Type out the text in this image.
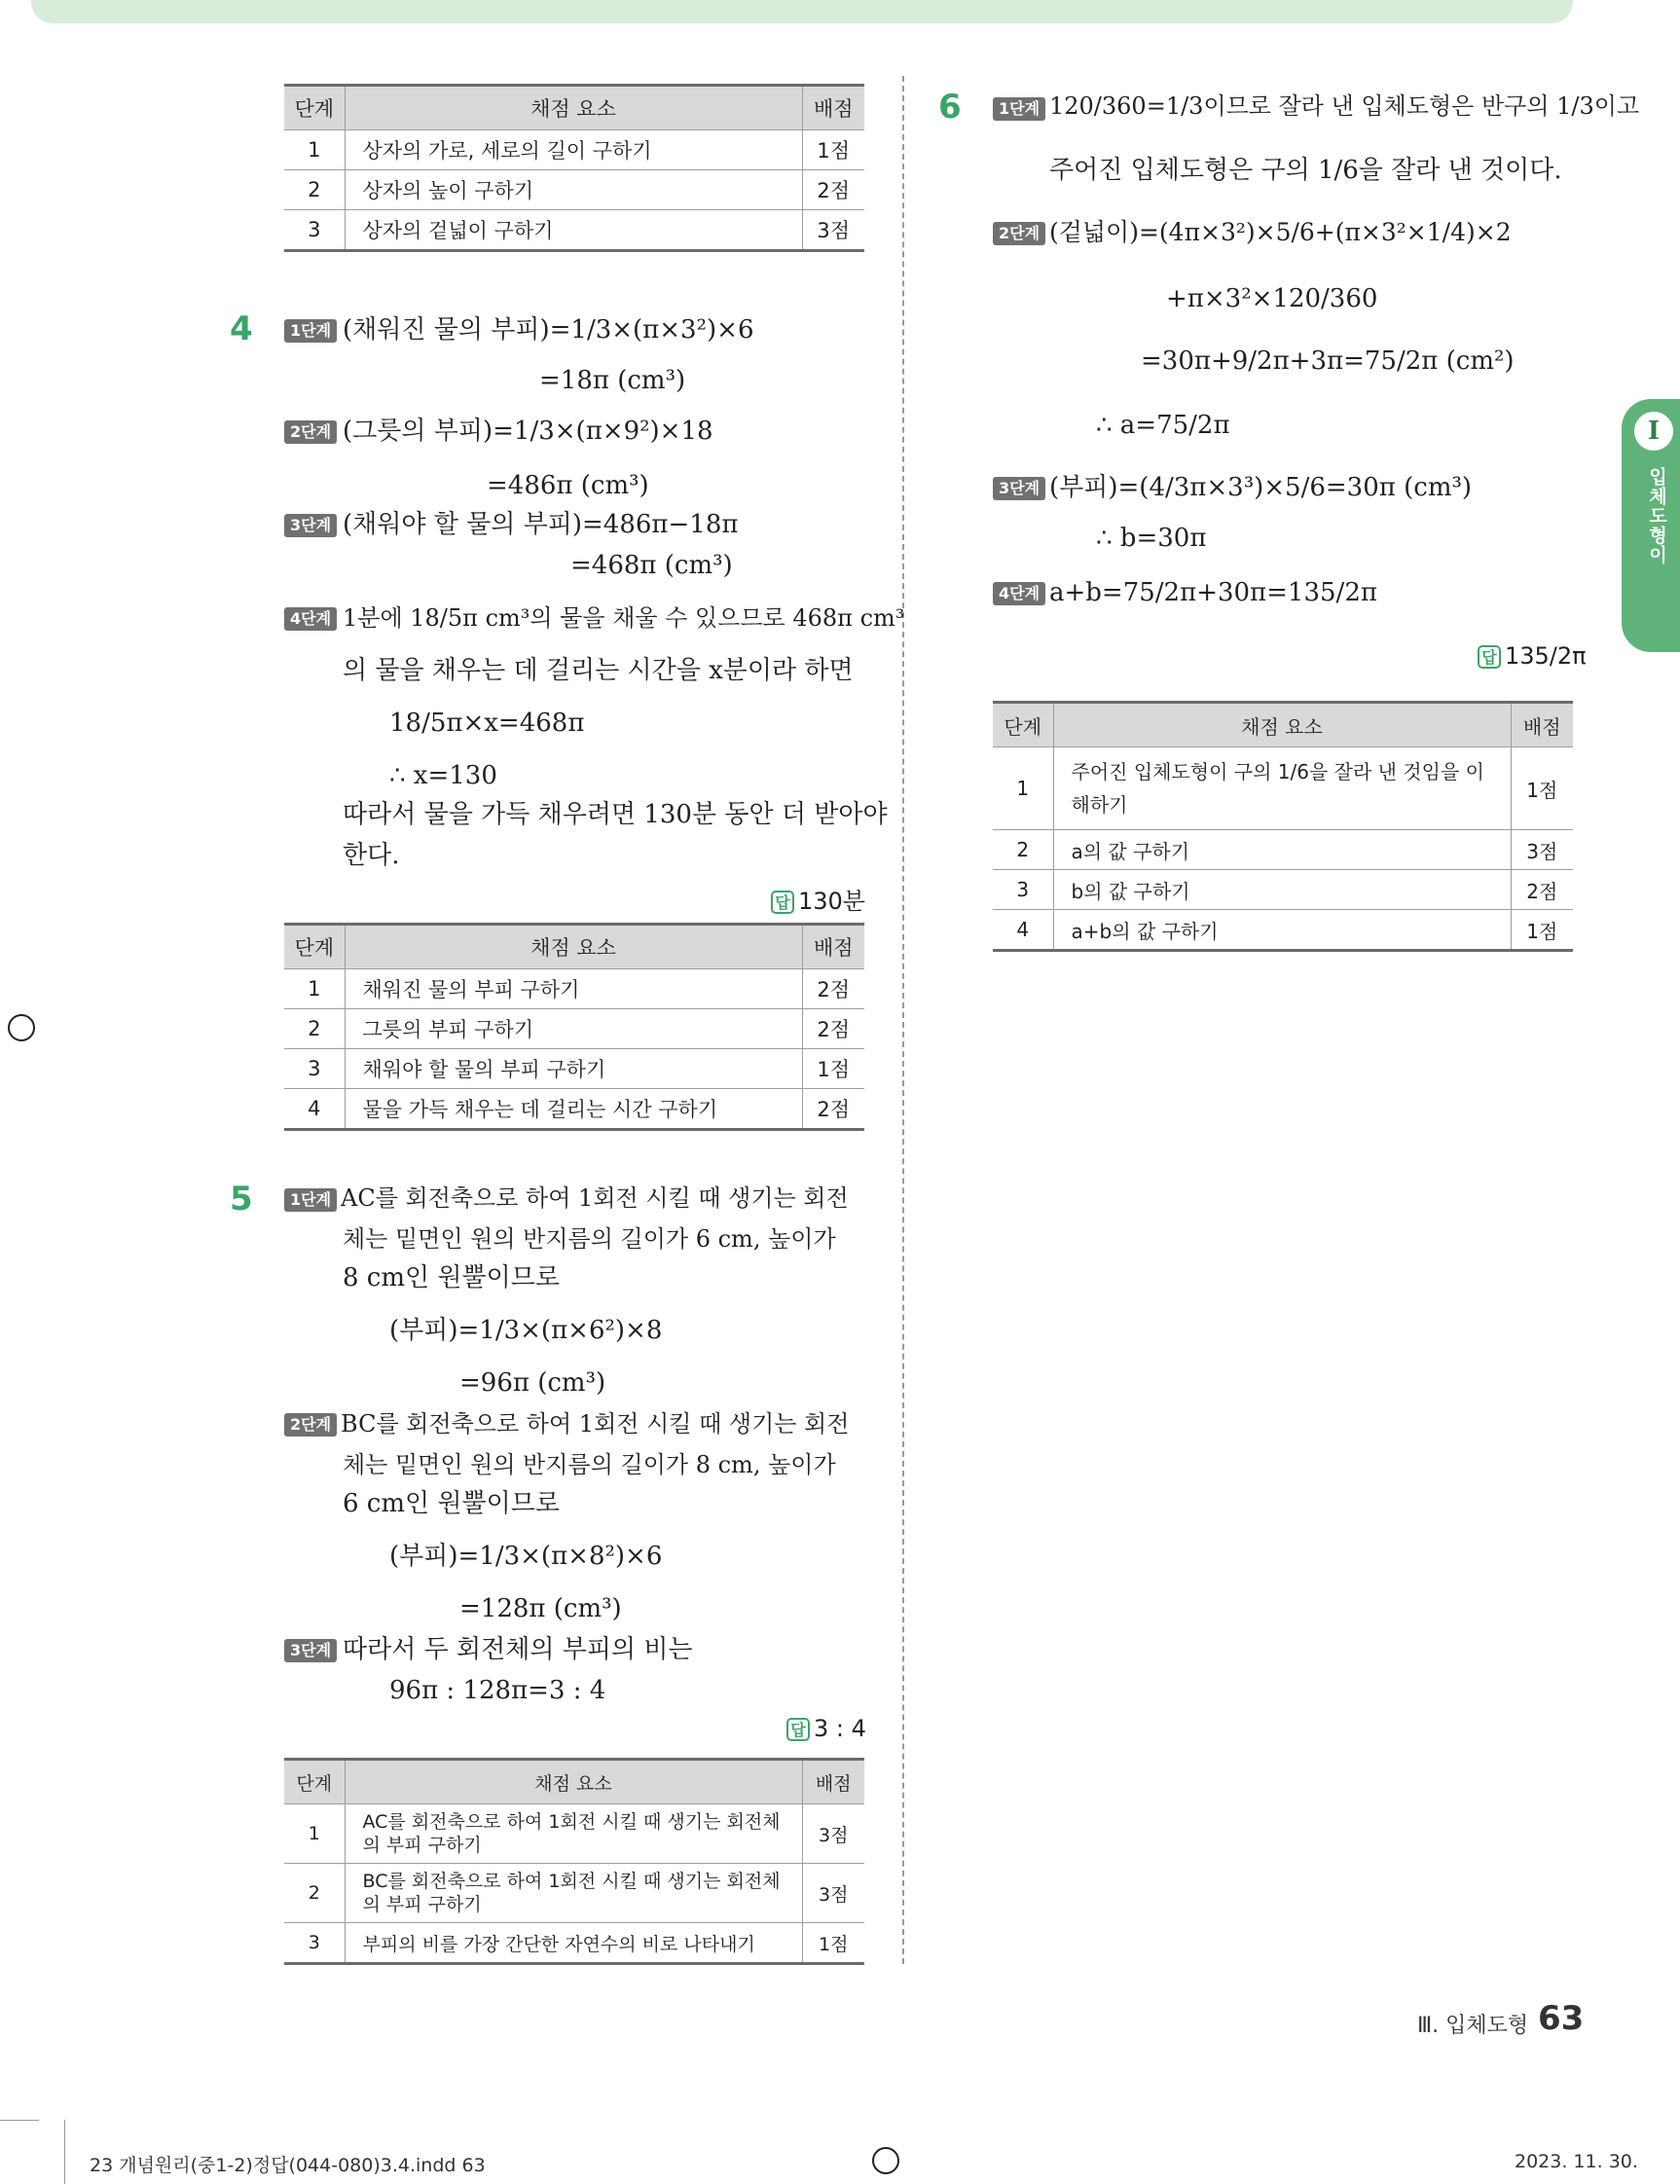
I
입체도형이
단계	채점 요소	배점
1	상자의 가로, 세로의 길이 구하기	1점
2	상자의 높이 구하기	2점
3	상자의 겉넓이 구하기	3점
4	1단계 (채워진 물의 부피)=1/3×(π×3²)×6
=18π (cm³)
2단계 (그릇의 부피)=1/3×(π×9²)×18
=486π (cm³)
3단계 (채워야 할 물의 부피)=486π−18π
=468π (cm³)
4단계 1분에 18/5π cm³의 물을 채울 수 있으므로 468π cm³
의 물을 채우는 데 걸리는 시간을 x분이라 하면
18/5π×x=468π
∴ x=130
따라서 물을 가득 채우려면 130분 동안 더 받아야
한다.
답 130분
단계	채점 요소	배점
1	채워진 물의 부피 구하기	2점
2	그릇의 부피 구하기	2점
3	채워야 할 물의 부피 구하기	1점
4	물을 가득 채우는 데 걸리는 시간 구하기	2점
5	1단계 AC를 회전축으로 하여 1회전 시킬 때 생기는 회전
체는 밑면인 원의 반지름의 길이가 6 cm, 높이가
8 cm인 원뿔이므로
(부피)=1/3×(π×6²)×8
=96π (cm³)
2단계 BC를 회전축으로 하여 1회전 시킬 때 생기는 회전
체는 밑면인 원의 반지름의 길이가 8 cm, 높이가
6 cm인 원뿔이므로
(부피)=1/3×(π×8²)×6
=128π (cm³)
3단계 따라서 두 회전체의 부피의 비는
96π : 128π=3 : 4
답 3 : 4
단계	채점 요소	배점
1	AC를 회전축으로 하여 1회전 시킬 때 생기는 회전체의 부피 구하기	3점
2	BC를 회전축으로 하여 1회전 시킬 때 생기는 회전체의 부피 구하기	3점
3	부피의 비를 가장 간단한 자연수의 비로 나타내기	1점
6	1단계 120/360=1/3이므로 잘라 낸 입체도형은 반구의 1/3이고
주어진 입체도형은 구의 1/6을 잘라 낸 것이다.
2단계 (겉넓이)=(4π×3²)×5/6+(π×3²×1/4)×2
+π×3²×120/360
=30π+9/2π+3π=75/2π (cm²)
∴ a=75/2π
3단계 (부피)=(4/3π×3³)×5/6=30π (cm³)
∴ b=30π
4단계 a+b=75/2π+30π=135/2π
답 135/2π
단계	채점 요소	배점
1	주어진 입체도형이 구의 1/6을 잘라 낸 것임을 이해하기	1점
2	a의 값 구하기	3점
3	b의 값 구하기	2점
4	a+b의 값 구하기	1점
Ⅲ. 입체도형 63
23 개념원리(중1-2)정답(044-080)3.4.indd 63	2023. 11. 30.
